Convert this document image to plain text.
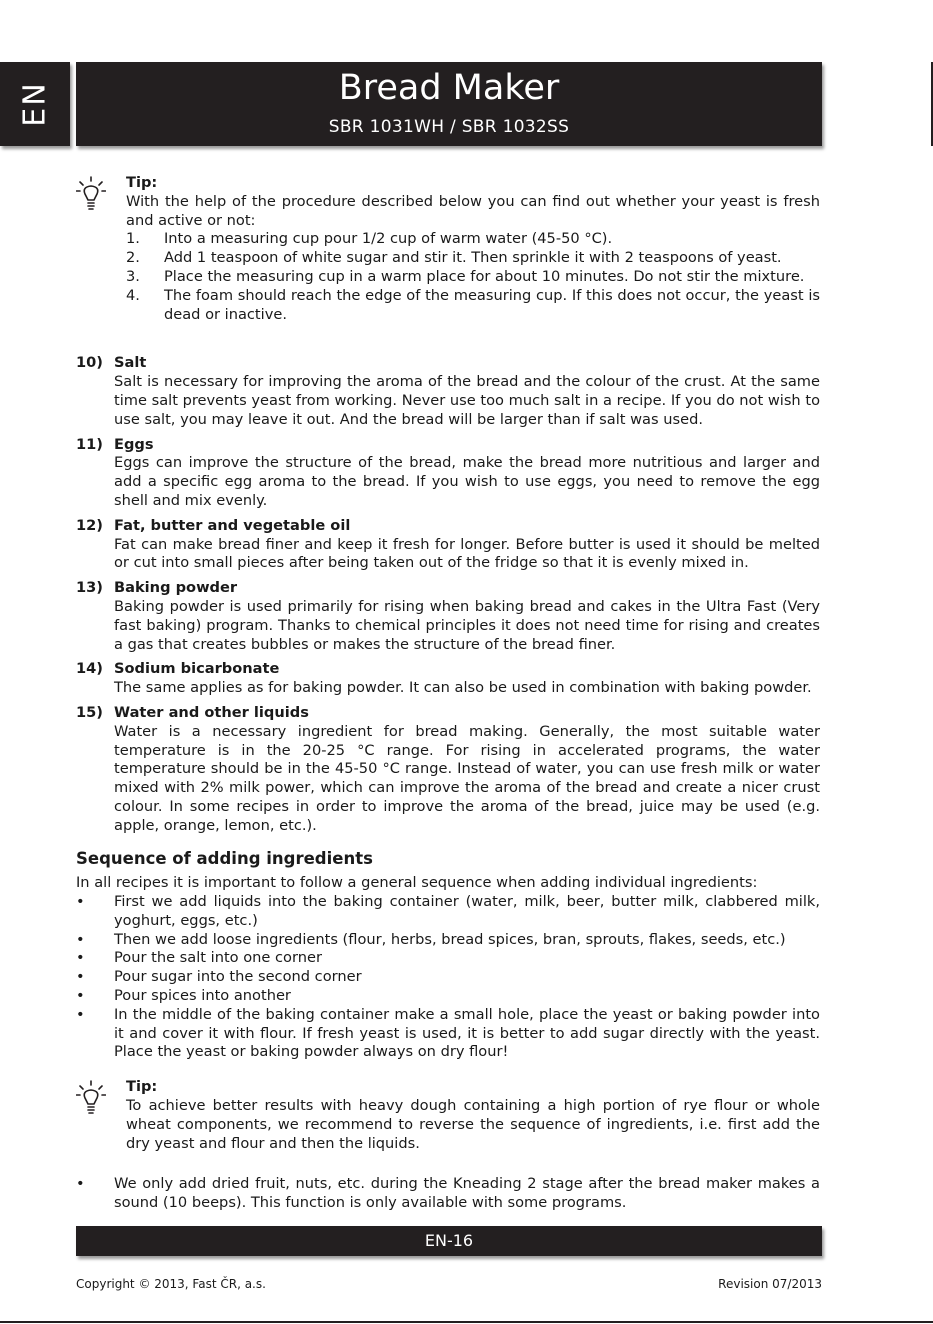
EN	Bread Maker
SBR 1031WH / SBR 1032SS
Tip:

With the help of the procedure described below you can find out whether your yeast is fresh and active or not:

1. Into a measuring cup pour 1/2 cup of warm water (45-50 °C).
2. Add 1 teaspoon of white sugar and stir it. Then sprinkle it with 2 teaspoons of yeast.
3. Place the measuring cup in a warm place for about 10 minutes. Do not stir the mixture.
4. The foam should reach the edge of the measuring cup. If this does not occur, the yeast is dead or inactive.
10) Salt
Salt is necessary for improving the aroma of the bread and the colour of the crust. At the same time salt prevents yeast from working. Never use too much salt in a recipe. If you do not wish to use salt, you may leave it out. And the bread will be larger than if salt was used.
11) Eggs
Eggs can improve the structure of the bread, make the bread more nutritious and larger and add a specific egg aroma to the bread. If you wish to use eggs, you need to remove the egg shell and mix evenly.
12) Fat, butter and vegetable oil
Fat can make bread finer and keep it fresh for longer. Before butter is used it should be melted or cut into small pieces after being taken out of the fridge so that it is evenly mixed in.
13) Baking powder
Baking powder is used primarily for rising when baking bread and cakes in the Ultra Fast (Very fast baking) program. Thanks to chemical principles it does not need time for rising and creates a gas that creates bubbles or makes the structure of the bread finer.
14) Sodium bicarbonate
The same applies as for baking powder. It can also be used in combination with baking powder.
15) Water and other liquids
Water is a necessary ingredient for bread making. Generally, the most suitable water temperature is in the 20-25 °C range. For rising in accelerated programs, the water temperature should be in the 45-50 °C range. Instead of water, you can use fresh milk or water mixed with 2% milk power, which can improve the aroma of the bread and create a nicer crust colour. In some recipes in order to improve the aroma of the bread, juice may be used (e.g. apple, orange, lemon, etc.).
Sequence of adding ingredients

In all recipes it is important to follow a general sequence when adding individual ingredients:

• First we add liquids into the baking container (water, milk, beer, butter milk, clabbered milk, yoghurt, eggs, etc.)
• Then we add loose ingredients (flour, herbs, bread spices, bran, sprouts, flakes, seeds, etc.)
• Pour the salt into one corner
• Pour sugar into the second corner
• Pour spices into another
• In the middle of the baking container make a small hole, place the yeast or baking powder into it and cover it with flour. If fresh yeast is used, it is better to add sugar directly with the yeast. Place the yeast or baking powder always on dry flour!
Tip:

To achieve better results with heavy dough containing a high portion of rye flour or whole wheat components, we recommend to reverse the sequence of ingredients, i.e. first add the dry yeast and flour and then the liquids.

• We only add dried fruit, nuts, etc. during the Kneading 2 stage after the bread maker makes a sound (10 beeps). This function is only available with some programs.
EN-16
Copyright © 2013, Fast ČR, a.s.	Revision 07/2013
